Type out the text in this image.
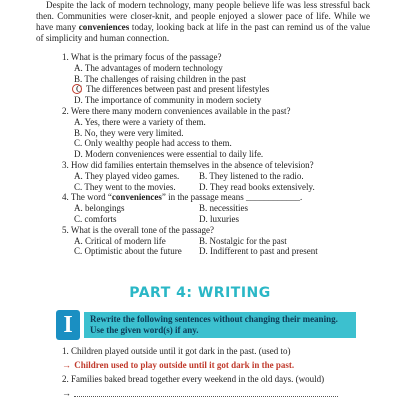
Despite the lack of modern technology, many people believe life was less stressful back then. Communities were closer-knit, and people enjoyed a slower pace of life. While we have many conveniences today, looking back at life in the past can remind us of the value of simplicity and human connection.
1. What is the primary focus of the passage?
A. The advantages of modern technology
B. The challenges of raising children in the past
C The differences between past and present lifestyles
D. The importance of community in modern society
2. Were there many modern conveniences available in the past?
A. Yes, there were a variety of them.
B. No, they were very limited.
C. Only wealthy people had access to them.
D. Modern conveniences were essential to daily life.
3. How did families entertain themselves in the absence of television?
A. They played video games.	B. They listened to the radio.
C. They went to the movies.	D. They read books extensively.
4. The word “conveniences” in the passage means ____________.
A. belongings	B. necessities
C. comforts	D. luxuries
5. What is the overall tone of the passage?
A. Critical of modern life	B. Nostalgic for the past
C. Optimistic about the future	D. Indifferent to past and present
PART 4: WRITING
I	Rewrite the following sentences without changing their meaning.
Use the given word(s) if any.
1. Children played outside until it got dark in the past. (used to)
→ Children used to play outside until it got dark in the past.
2. Families baked bread together every weekend in the old days. (would)
→
